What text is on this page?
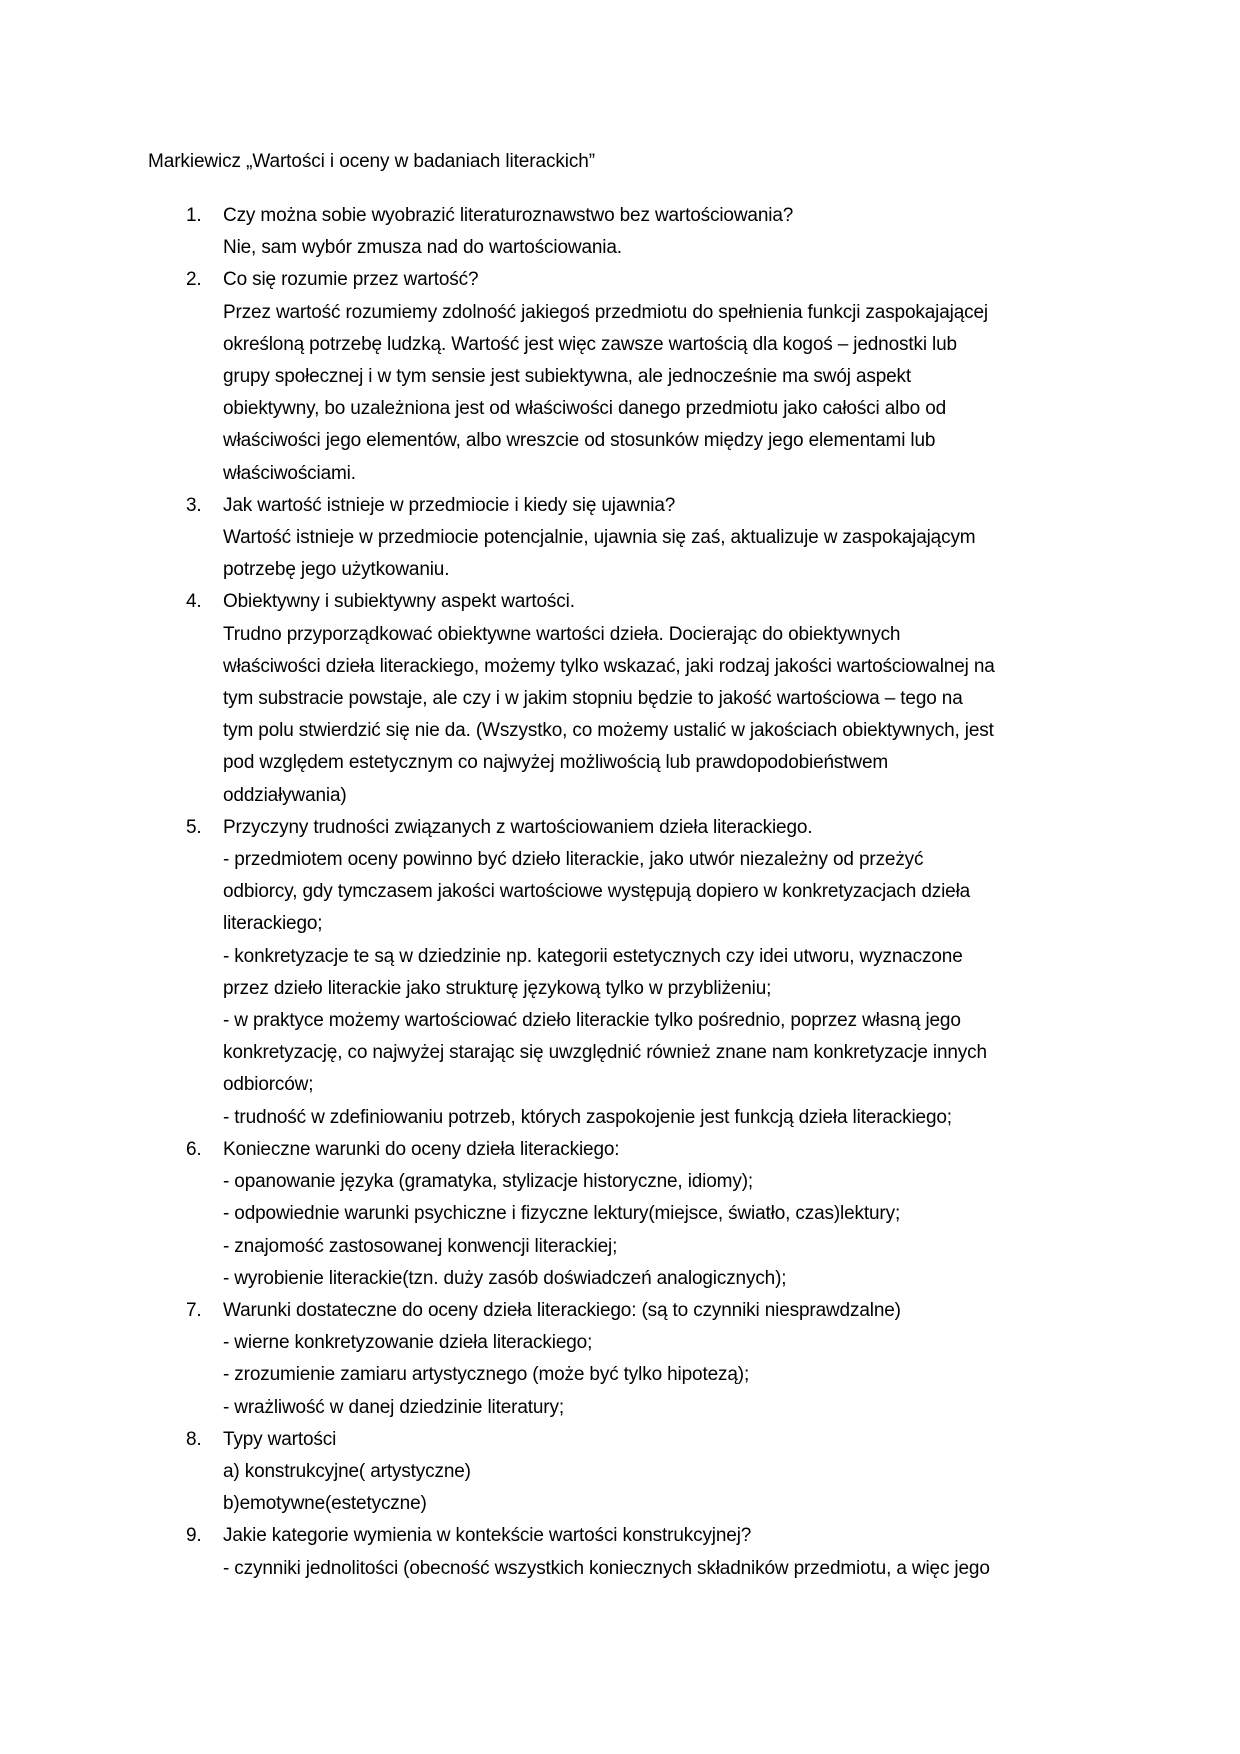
Markiewicz „Wartości i oceny w badaniach literackich”
1.	Czy można sobie wyobrazić literaturoznawstwo bez wartościowania?
Nie, sam wybór zmusza nad do wartościowania.
2.	Co się rozumie przez wartość?
Przez wartość rozumiemy zdolność jakiegoś przedmiotu do spełnienia funkcji zaspokajającej
określoną potrzebę ludzką. Wartość jest więc zawsze wartością dla kogoś – jednostki lub
grupy społecznej i w tym sensie jest subiektywna, ale jednocześnie ma swój aspekt
obiektywny, bo uzależniona jest od właściwości danego przedmiotu jako całości albo od
właściwości jego elementów, albo wreszcie od stosunków między jego elementami lub
właściwościami.
3.	Jak wartość istnieje w przedmiocie i kiedy się ujawnia?
Wartość istnieje w przedmiocie potencjalnie, ujawnia się zaś, aktualizuje w zaspokajającym
potrzebę jego użytkowaniu.
4.	Obiektywny i subiektywny aspekt wartości.
Trudno przyporządkować obiektywne wartości dzieła. Docierając do obiektywnych
właściwości dzieła literackiego, możemy tylko wskazać, jaki rodzaj jakości wartościowalnej na
tym substracie powstaje, ale czy i w jakim stopniu będzie to jakość wartościowa – tego na
tym polu stwierdzić się nie da. (Wszystko, co możemy ustalić w jakościach obiektywnych, jest
pod względem estetycznym co najwyżej możliwością lub prawdopodobieństwem
oddziaływania)
5.	Przyczyny trudności związanych z wartościowaniem dzieła literackiego.
- przedmiotem oceny powinno być dzieło literackie, jako utwór niezależny od przeżyć
odbiorcy, gdy tymczasem jakości wartościowe występują dopiero w konkretyzacjach dzieła
literackiego;
- konkretyzacje te są w dziedzinie np. kategorii estetycznych czy idei utworu, wyznaczone
przez dzieło literackie jako strukturę językową tylko w przybliżeniu;
- w praktyce możemy wartościować dzieło literackie tylko pośrednio, poprzez własną jego
konkretyzację, co najwyżej starając się uwzględnić również znane nam konkretyzacje innych
odbiorców;
- trudność w zdefiniowaniu potrzeb, których zaspokojenie jest funkcją dzieła literackiego;
6.	Konieczne warunki do oceny dzieła literackiego:
- opanowanie języka (gramatyka, stylizacje historyczne, idiomy);
- odpowiednie warunki psychiczne i fizyczne lektury(miejsce, światło, czas)lektury;
- znajomość zastosowanej konwencji literackiej;
- wyrobienie literackie(tzn. duży zasób doświadczeń analogicznych);
7.	Warunki dostateczne do oceny dzieła literackiego: (są to czynniki niesprawdzalne)
- wierne konkretyzowanie dzieła literackiego;
- zrozumienie zamiaru artystycznego (może być tylko hipotezą);
- wrażliwość w danej dziedzinie literatury;
8.	Typy wartości
a) konstrukcyjne( artystyczne)
b)emotywne(estetyczne)
9.	Jakie kategorie wymienia w kontekście wartości konstrukcyjnej?
- czynniki jednolitości (obecność wszystkich koniecznych składników przedmiotu, a więc jego
